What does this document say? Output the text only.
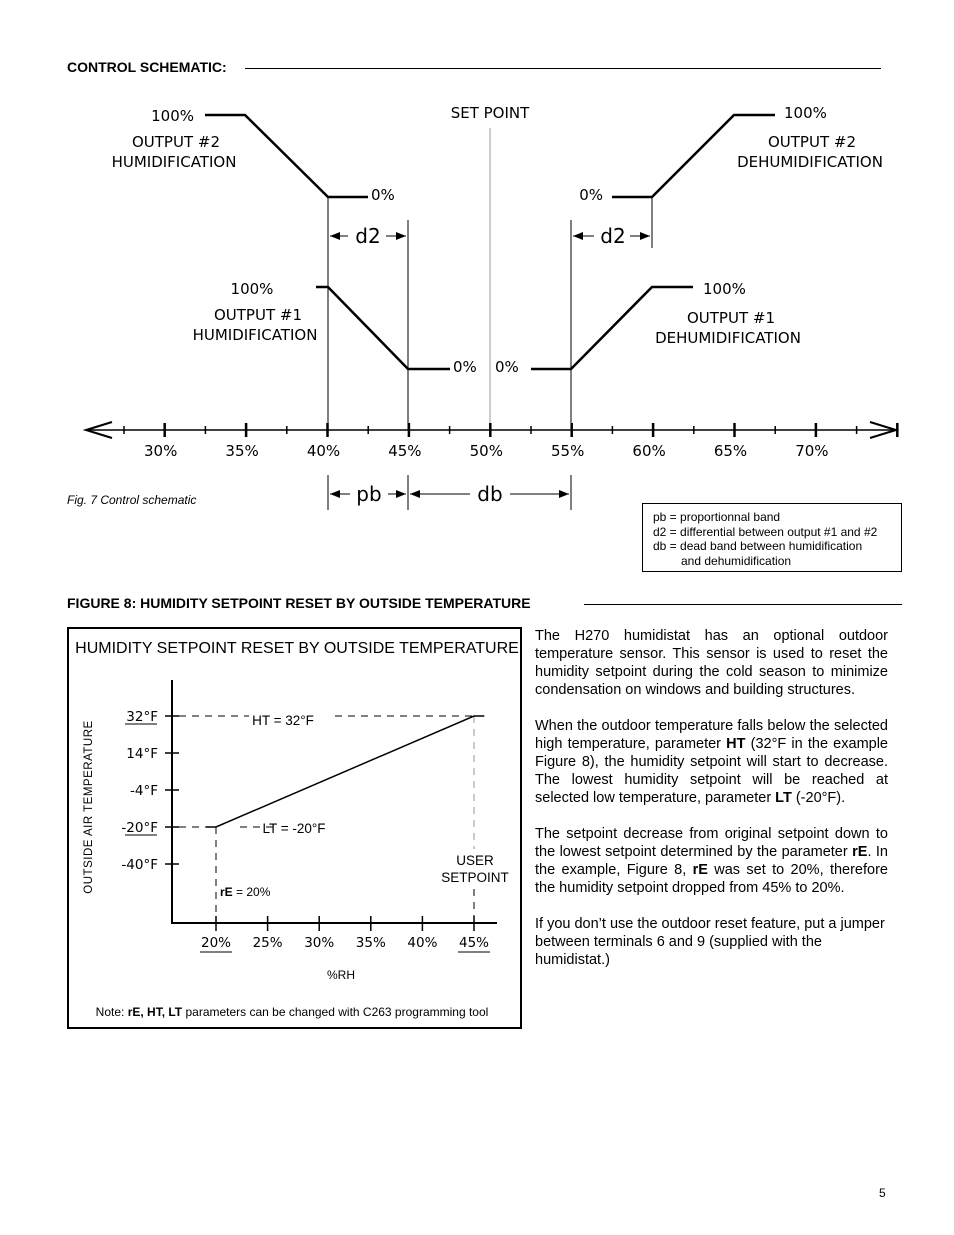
CONTROL SCHEMATIC:
SET POINT
100%
OUTPUT #2
HUMIDIFICATION
0%
100%
OUTPUT #2
DEHUMIDIFICATION
0%
d2	d2
100%
OUTPUT #1
HUMIDIFICATION
0%
100%
OUTPUT #1
DEHUMIDIFICATION
0%
pb	db
30%	35%	40%	45%	50%	55%	60%	65%	70%
Fig. 7 Control schematic
pb = proportionnal band
d2 = differential between output #1 and #2
db = dead band between humidification
and dehumidification
FIGURE 8: HUMIDITY SETPOINT RESET BY OUTSIDE TEMPERATURE
HUMIDITY SETPOINT RESET BY OUTSIDE TEMPERATURE
OUTSIDE AIR TEMPERATURE
32°F
14°F
-4°F
-20°F
-40°F
20% 25% 30% 35% 40% 45%
HT = 32°F
LT = -20°F
rE = 20%
USER
SETPOINT
%RH
Note: rE, HT, LT parameters can be changed with C263 programming tool

The H270 humidistat has an optional outdoor temperature sensor. This sensor is used to reset the humidity setpoint during the cold season to minimize condensation on windows and building structures.

When the outdoor temperature falls below the selected high temperature, parameter HT (32°F in the example Figure 8), the humidity setpoint will start to decrease. The lowest humidity setpoint will be reached at selected low temperature, parameter LT (-20°F).

The setpoint decrease from original setpoint down to the lowest setpoint determined by the parameter rE. In the example, Figure 8, rE was set to 20%, therefore the humidity setpoint dropped from 45% to 20%.

If you don’t use the outdoor reset feature, put a jumper between terminals 6 and 9 (supplied with the humidistat.)

5
